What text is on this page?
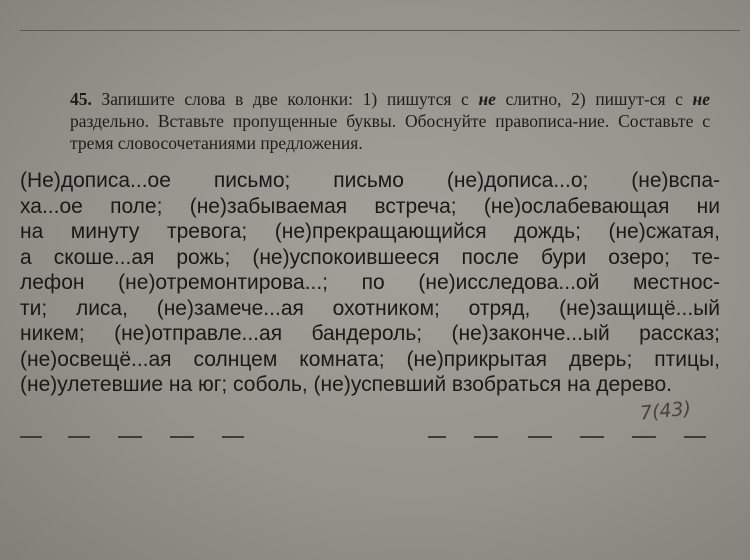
45. Запишите слова в две колонки: 1) пишутся с не слитно, 2) пишут-ся с не раздельно. Вставьте пропущенные буквы. Обоснуйте правописа-ние. Составьте с тремя словосочетаниями предложения.
(Не)дописа...ое письмо; письмо (не)дописа...о; (не)вспа-
ха...ое поле; (не)забываемая встреча; (не)ослабевающая ни
на минуту тревога; (не)прекращающийся дождь; (не)сжатая,
а скоше...ая рожь; (не)успокоившееся после бури озеро; те-
лефон (не)отремонтирова...; по (не)исследова...ой местнос-
ти; лиса, (не)замече...ая охотником; отряд, (не)защищё...ый
никем; (не)отправле...ая бандероль; (не)законче...ый рассказ;
(не)освещё...ая солнцем комната; (не)прикрытая дверь; птицы,
(не)улетевшие на юг; соболь, (не)успевший взобраться на дерево.
7(43)
